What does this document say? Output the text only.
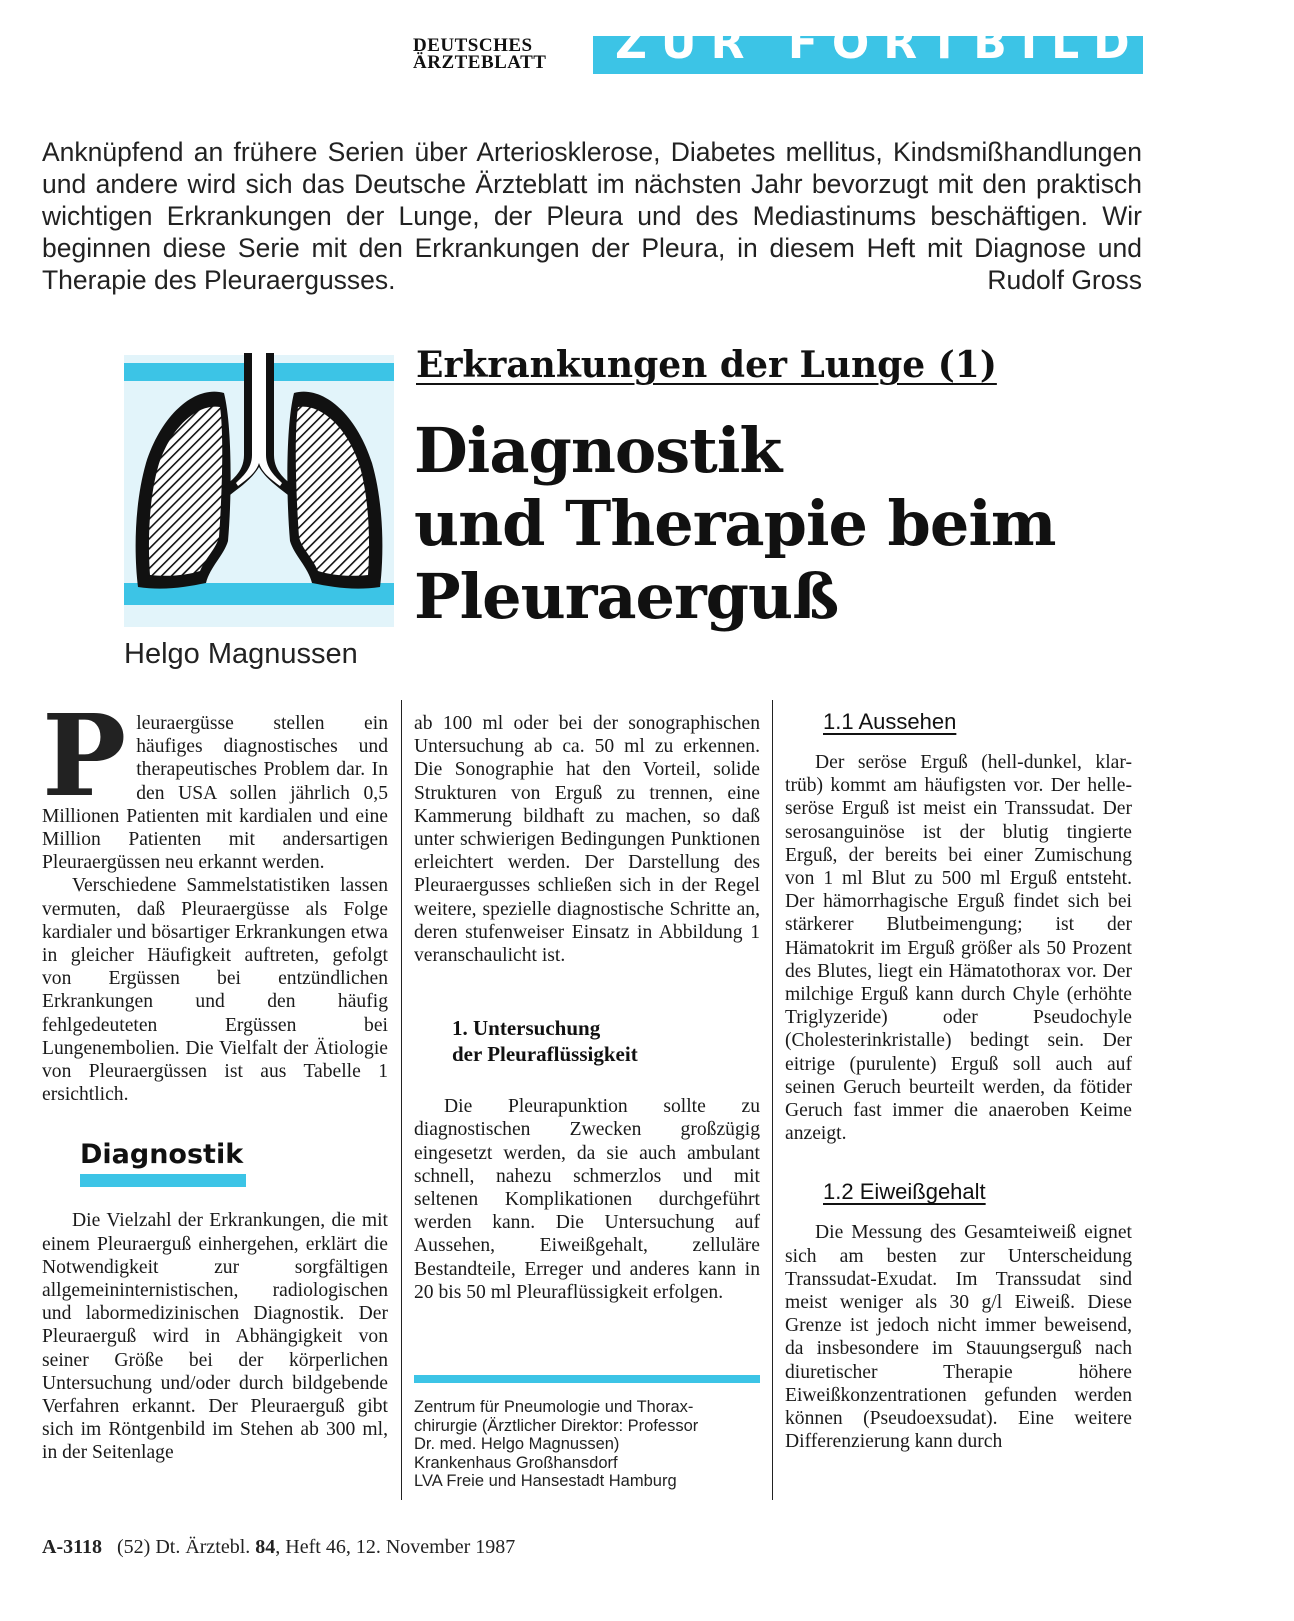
DEUTSCHES
ÄRZTEBLATT	ZUR FORTBILDUNG
Anknüpfend an frühere Serien über Arteriosklerose, Diabetes mellitus, Kindsmißhandlungen und andere wird sich das Deutsche Ärzteblatt im nächsten Jahr bevorzugt mit den praktisch wichtigen Erkrankungen der Lunge, der Pleura und des Mediastinums beschäftigen. Wir beginnen diese Serie mit den Erkrankungen der Pleura, in diesem Heft mit Diagnose und Therapie des Pleuraergusses.	Rudolf Gross
Helgo Magnussen
Erkrankungen der Lunge (1)
Diagnostik
und Therapie beim
Pleuraerguß

Pleuraergüsse stellen ein häufiges diagnostisches und therapeutisches Problem dar. In den USA sollen jährlich 0,5 Millionen Patienten mit kardialen und eine Million Patienten mit andersartigen Pleuraergüssen neu erkannt werden.

Verschiedene Sammelstatistiken lassen vermuten, daß Pleuraergüsse als Folge kardialer und bösartiger Erkrankungen etwa in gleicher Häufigkeit auftreten, gefolgt von Ergüssen bei entzündlichen Erkrankungen und den häufig fehlgedeuteten Ergüssen bei Lungenembolien. Die Vielfalt der Ätiologie von Pleuraergüssen ist aus Tabelle 1 ersichtlich.

Diagnostik

Die Vielzahl der Erkrankungen, die mit einem Pleuraerguß einhergehen, erklärt die Notwendigkeit zur sorgfältigen allgemeininternistischen, radiologischen und labormedizinischen Diagnostik. Der Pleuraerguß wird in Abhängigkeit von seiner Größe bei der körperlichen Untersuchung und/oder durch bildgebende Verfahren erkannt. Der Pleuraerguß gibt sich im Röntgenbild im Stehen ab 300 ml, in der Seitenlage

ab 100 ml oder bei der sonographischen Untersuchung ab ca. 50 ml zu erkennen. Die Sonographie hat den Vorteil, solide Strukturen von Erguß zu trennen, eine Kammerung bildhaft zu machen, so daß unter schwierigen Bedingungen Punktionen erleichtert werden. Der Darstellung des Pleuraergusses schließen sich in der Regel weitere, spezielle diagnostische Schritte an, deren stufenweiser Einsatz in Abbildung 1 veranschaulicht ist.

1. Untersuchung
der Pleuraflüssigkeit

Die Pleurapunktion sollte zu diagnostischen Zwecken großzügig eingesetzt werden, da sie auch ambulant schnell, nahezu schmerzlos und mit seltenen Komplikationen durchgeführt werden kann. Die Untersuchung auf Aussehen, Eiweißgehalt, zelluläre Bestandteile, Erreger und anderes kann in 20 bis 50 ml Pleuraflüssigkeit erfolgen.

Zentrum für Pneumologie und Thorax-
chirurgie (Ärztlicher Direktor: Professor
Dr. med. Helgo Magnussen)
Krankenhaus Großhansdorf
LVA Freie und Hansestadt Hamburg
1.1 Aussehen

Der seröse Erguß (hell-dunkel, klar-trüb) kommt am häufigsten vor. Der helle-seröse Erguß ist meist ein Transsudat. Der serosanguinöse ist der blutig tingierte Erguß, der bereits bei einer Zumischung von 1 ml Blut zu 500 ml Erguß entsteht. Der hämorrhagische Erguß findet sich bei stärkerer Blutbeimengung; ist der Hämatokrit im Erguß größer als 50 Prozent des Blutes, liegt ein Hämatothorax vor. Der milchige Erguß kann durch Chyle (erhöhte Triglyzeride) oder Pseudochyle (Cholesterinkristalle) bedingt sein. Der eitrige (purulente) Erguß soll auch auf seinen Geruch beurteilt werden, da fötider Geruch fast immer die anaeroben Keime anzeigt.

1.2 Eiweißgehalt

Die Messung des Gesamteiweiß eignet sich am besten zur Unterscheidung Transsudat-Exudat. Im Transsudat sind meist weniger als 30 g/l Eiweiß. Diese Grenze ist jedoch nicht immer beweisend, da insbesondere im Stauungserguß nach diuretischer Therapie höhere Eiweißkonzentrationen gefunden werden können (Pseudoexsudat). Eine weitere Differenzierung kann durch

A-3118 (52) Dt. Ärztebl. 84, Heft 46, 12. November 1987
